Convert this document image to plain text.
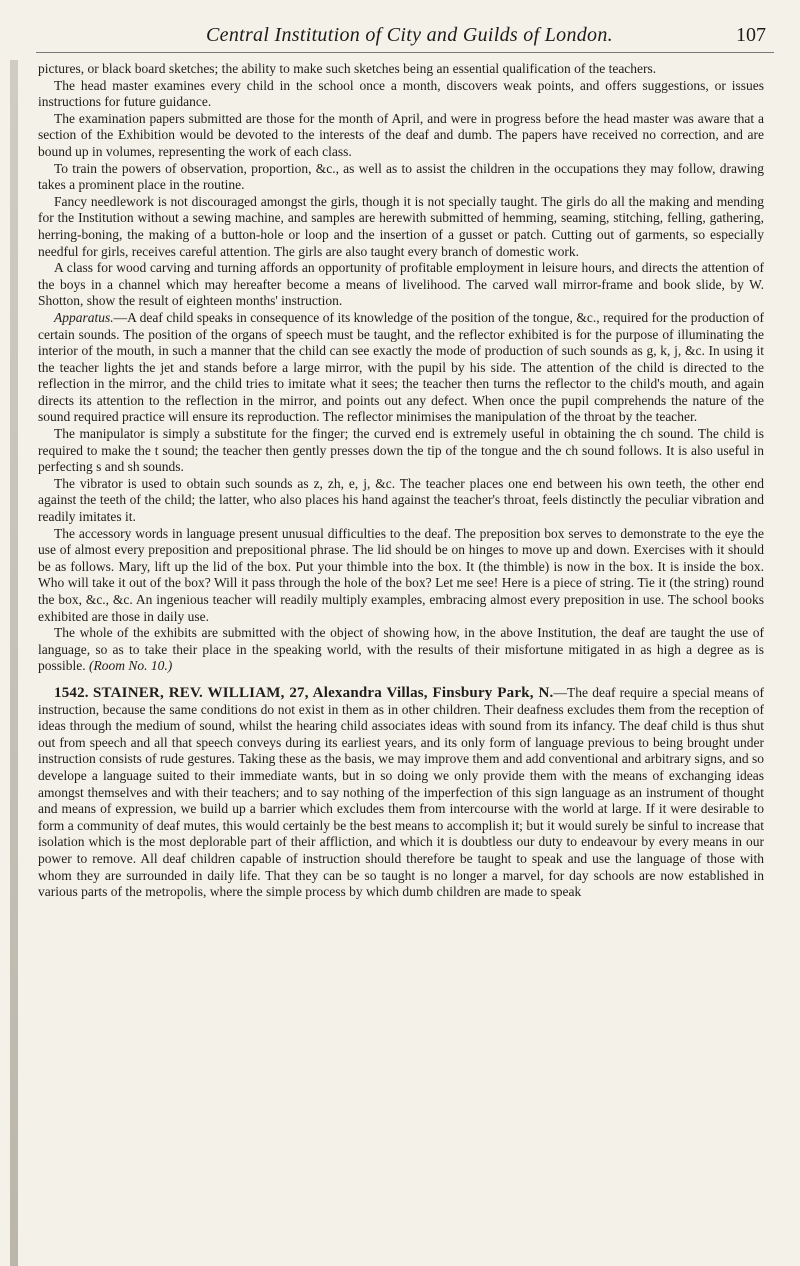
Central Institution of City and Guilds of London.	107

pictures, or black board sketches; the ability to make such sketches being an essential qualification of the teachers.

The head master examines every child in the school once a month, discovers weak points, and offers suggestions, or issues instructions for future guidance.

The examination papers submitted are those for the month of April, and were in progress before the head master was aware that a section of the Exhibition would be devoted to the interests of the deaf and dumb. The papers have received no correction, and are bound up in volumes, representing the work of each class.

To train the powers of observation, proportion, &c., as well as to assist the children in the occupations they may follow, drawing takes a prominent place in the routine.

Fancy needlework is not discouraged amongst the girls, though it is not specially taught. The girls do all the making and mending for the Institution without a sewing machine, and samples are herewith submitted of hemming, seaming, stitching, felling, gathering, herring-boning, the making of a button-hole or loop and the insertion of a gusset or patch. Cutting out of garments, so especially needful for girls, receives careful attention. The girls are also taught every branch of domestic work.

A class for wood carving and turning affords an opportunity of profitable employment in leisure hours, and directs the attention of the boys in a channel which may hereafter become a means of livelihood. The carved wall mirror-frame and book slide, by W. Shotton, show the result of eighteen months' instruction.

Apparatus.—A deaf child speaks in consequence of its knowledge of the position of the tongue, &c., required for the production of certain sounds. The position of the organs of speech must be taught, and the reflector exhibited is for the purpose of illuminating the interior of the mouth, in such a manner that the child can see exactly the mode of production of such sounds as g, k, j, &c. In using it the teacher lights the jet and stands before a large mirror, with the pupil by his side. The attention of the child is directed to the reflection in the mirror, and the child tries to imitate what it sees; the teacher then turns the reflector to the child's mouth, and again directs its attention to the reflection in the mirror, and points out any defect. When once the pupil comprehends the nature of the sound required practice will ensure its reproduction. The reflector minimises the manipulation of the throat by the teacher.

The manipulator is simply a substitute for the finger; the curved end is extremely useful in obtaining the ch sound. The child is required to make the t sound; the teacher then gently presses down the tip of the tongue and the ch sound follows. It is also useful in perfecting s and sh sounds.

The vibrator is used to obtain such sounds as z, zh, e, j, &c. The teacher places one end between his own teeth, the other end against the teeth of the child; the latter, who also places his hand against the teacher's throat, feels distinctly the peculiar vibration and readily imitates it.

The accessory words in language present unusual difficulties to the deaf. The preposition box serves to demonstrate to the eye the use of almost every preposition and prepositional phrase. The lid should be on hinges to move up and down. Exercises with it should be as follows. Mary, lift up the lid of the box. Put your thimble into the box. It (the thimble) is now in the box. It is inside the box. Who will take it out of the box? Will it pass through the hole of the box? Let me see! Here is a piece of string. Tie it (the string) round the box, &c., &c. An ingenious teacher will readily multiply examples, embracing almost every preposition in use. The school books exhibited are those in daily use.

The whole of the exhibits are submitted with the object of showing how, in the above Institution, the deaf are taught the use of language, so as to take their place in the speaking world, with the results of their misfortune mitigated in as high a degree as is possible. (Room No. 10.)

1542. STAINER, REV. WILLIAM, 27, Alexandra Villas, Finsbury Park, N.—The deaf require a special means of instruction, because the same conditions do not exist in them as in other children. Their deafness excludes them from the reception of ideas through the medium of sound, whilst the hearing child associates ideas with sound from its infancy. The deaf child is thus shut out from speech and all that speech conveys during its earliest years, and its only form of language previous to being brought under instruction consists of rude gestures. Taking these as the basis, we may improve them and add conventional and arbitrary signs, and so develope a language suited to their immediate wants, but in so doing we only provide them with the means of exchanging ideas amongst themselves and with their teachers; and to say nothing of the imperfection of this sign language as an instrument of thought and means of expression, we build up a barrier which excludes them from intercourse with the world at large. If it were desirable to form a community of deaf mutes, this would certainly be the best means to accomplish it; but it would surely be sinful to increase that isolation which is the most deplorable part of their affliction, and which it is doubtless our duty to endeavour by every means in our power to remove. All deaf children capable of instruction should therefore be taught to speak and use the language of those with whom they are surrounded in daily life. That they can be so taught is no longer a marvel, for day schools are now established in various parts of the metropolis, where the simple process by which dumb children are made to speak
